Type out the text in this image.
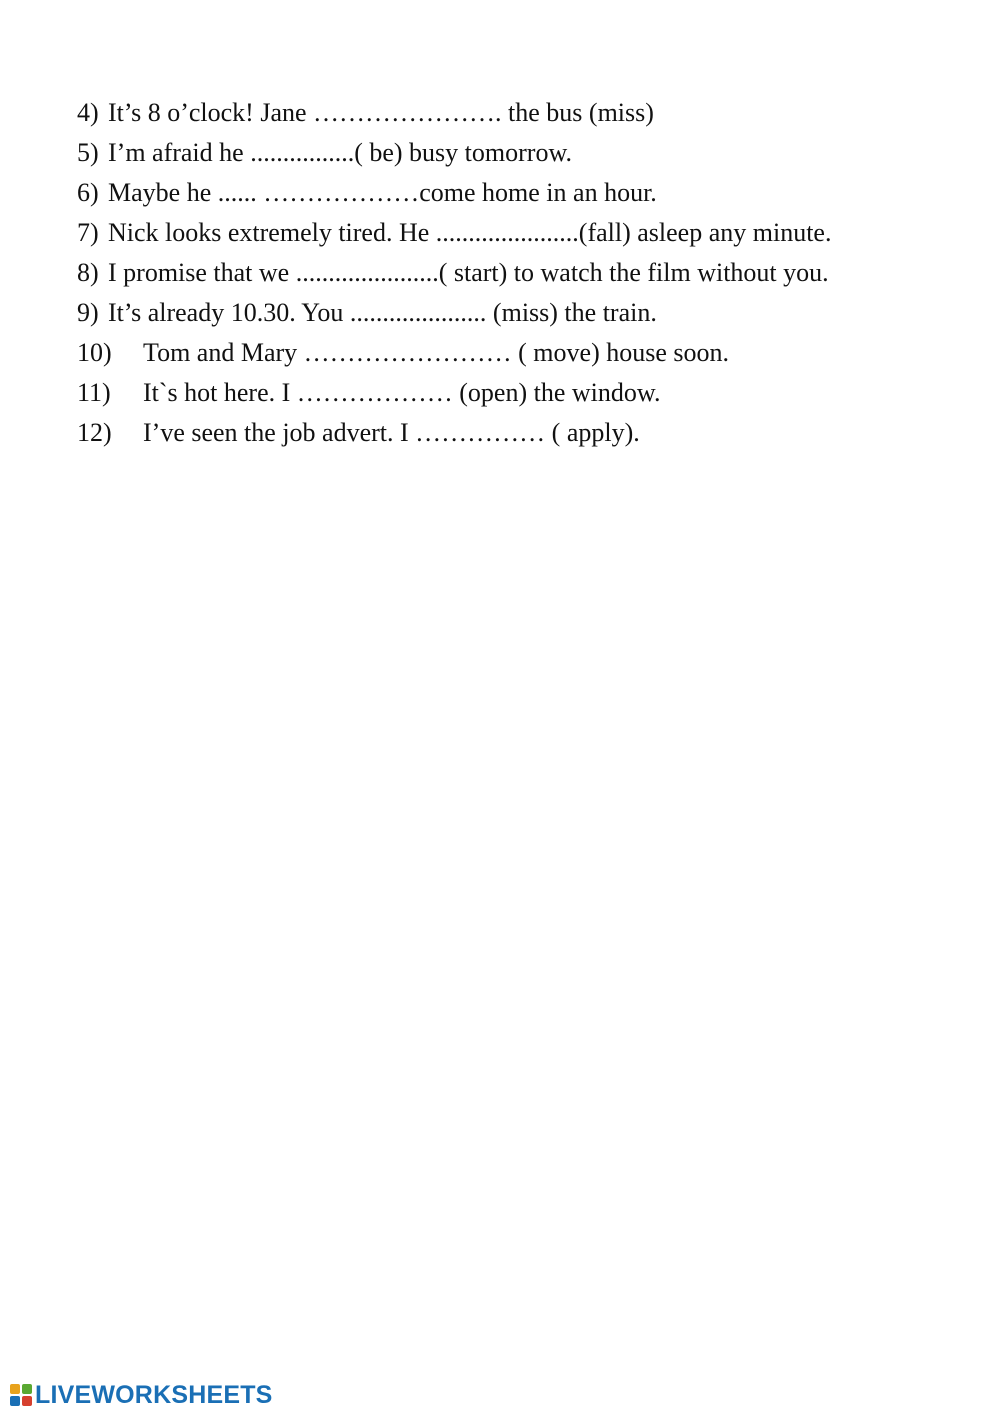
4) It’s 8 o’clock! Jane …………………. the bus (miss)
5) I’m afraid he ................( be) busy tomorrow.
6) Maybe he ...... ………………come home in an hour.
7) Nick looks extremely tired. He ......................(fall) asleep any minute.
8) I promise that we ......................( start) to watch the film without you.
9) It’s already 10.30. You ..................... (miss) the train.
10) Tom and Mary …………………… ( move) house soon.
11) It`s hot here. I ……………… (open) the window.
12) I’ve seen the job advert. I …………… ( apply).
LIVEWORKSHEETS
